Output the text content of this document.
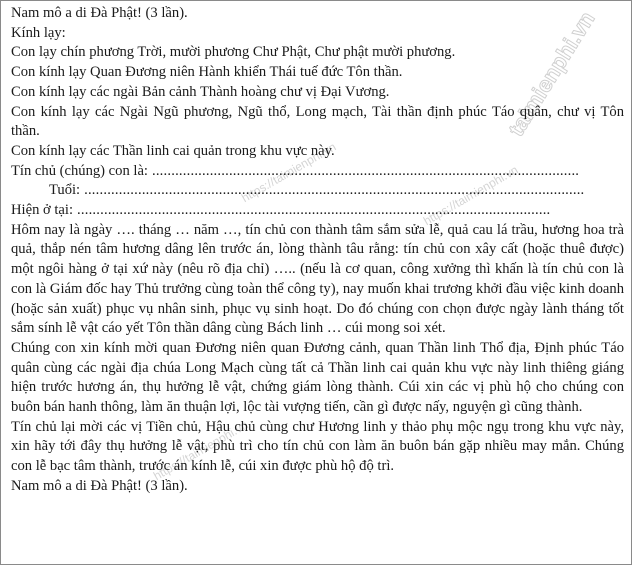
taimienphi.vn
https://taimienphi.vn
https://taimienphi.vn
https://taimienphi.vn
Nam mô a di Đà Phật! (3 lần).
Kính lạy:
Con lạy chín phương Trời, mười phương Chư Phật, Chư phật mười phương.
Con kính lạy Quan Đương niên Hành khiển Thái tuế đức Tôn thần.
Con kính lạy các ngài Bản cảnh Thành hoàng chư vị Đại Vương.
Con kính lạy các Ngài Ngũ phương, Ngũ thổ, Long mạch, Tài thần định phúc Táo quân, chư vị Tôn thần.
Con kính lạy các Thần linh cai quản trong khu vực này.
Tín chủ (chúng) con là: ...............................................................................................................
Tuổi: ..................................................................................................................................
Hiện ở tại: ...........................................................................................................................
Hôm nay là ngày …. tháng … năm …, tín chủ con thành tâm sắm sửa lễ, quả cau lá trầu, hương hoa trà quả, thắp nén tâm hương dâng lên trước án, lòng thành tâu rằng: tín chủ con xây cất (hoặc thuê được) một ngôi hàng ở tại xứ này (nêu rõ địa chỉ) ….. (nếu là cơ quan, công xưởng thì khấn là tín chủ con là con là Giám đốc hay Thủ trưởng cùng toàn thể công ty), nay muốn khai trương khởi đầu việc kinh doanh (hoặc sản xuất) phục vụ nhân sinh, phục vụ sinh hoạt. Do đó chúng con chọn được ngày lành tháng tốt sắm sính lễ vật cáo yết Tôn thần dâng cùng Bách linh … cúi mong soi xét.
Chúng con xin kính mời quan Đương niên quan Đương cảnh, quan Thần linh Thổ địa, Định phúc Táo quân cùng các ngài địa chúa Long Mạch cùng tất cả Thần linh cai quản khu vực này linh thiêng giáng hiện trước hương án, thụ hưởng lễ vật, chứng giám lòng thành. Cúi xin các vị phù hộ cho chúng con buôn bán hanh thông, làm ăn thuận lợi, lộc tài vượng tiến, cần gì được nấy, nguyện gì cũng thành.
Tín chủ lại mời các vị Tiền chủ, Hậu chủ cùng chư Hương linh y thảo phụ mộc ngụ trong khu vực này, xin hãy tới đây thụ hưởng lễ vật, phù trì cho tín chủ con làm ăn buôn bán gặp nhiều may mắn. Chúng con lễ bạc tâm thành, trước án kính lễ, cúi xin được phù hộ độ trì.
Nam mô a di Đà Phật! (3 lần).
